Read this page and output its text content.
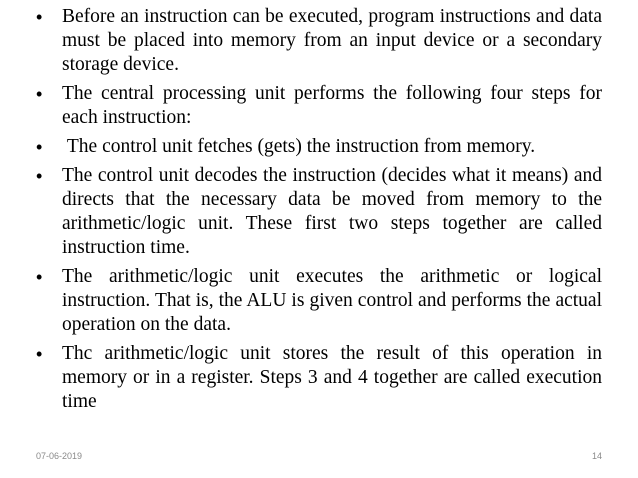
•	Before an instruction can be executed, program instructions and data must be placed into memory from an input device or a secondary storage device.
•	The central processing unit performs the following four steps for each instruction:
•	The control unit fetches (gets) the instruction from memory.
•	The control unit decodes the instruction (decides what it means) and directs that the necessary data be moved from memory to the arithmetic/logic unit. These first two steps together are called instruction time.
•	The arithmetic/logic unit executes the arithmetic or logical instruction. That is, the ALU is given control and performs the actual operation on the data.
•	Thc arithmetic/logic unit stores the result of this operation in memory or in a register. Steps 3 and 4 together are called execution time
07-06-2019	14
